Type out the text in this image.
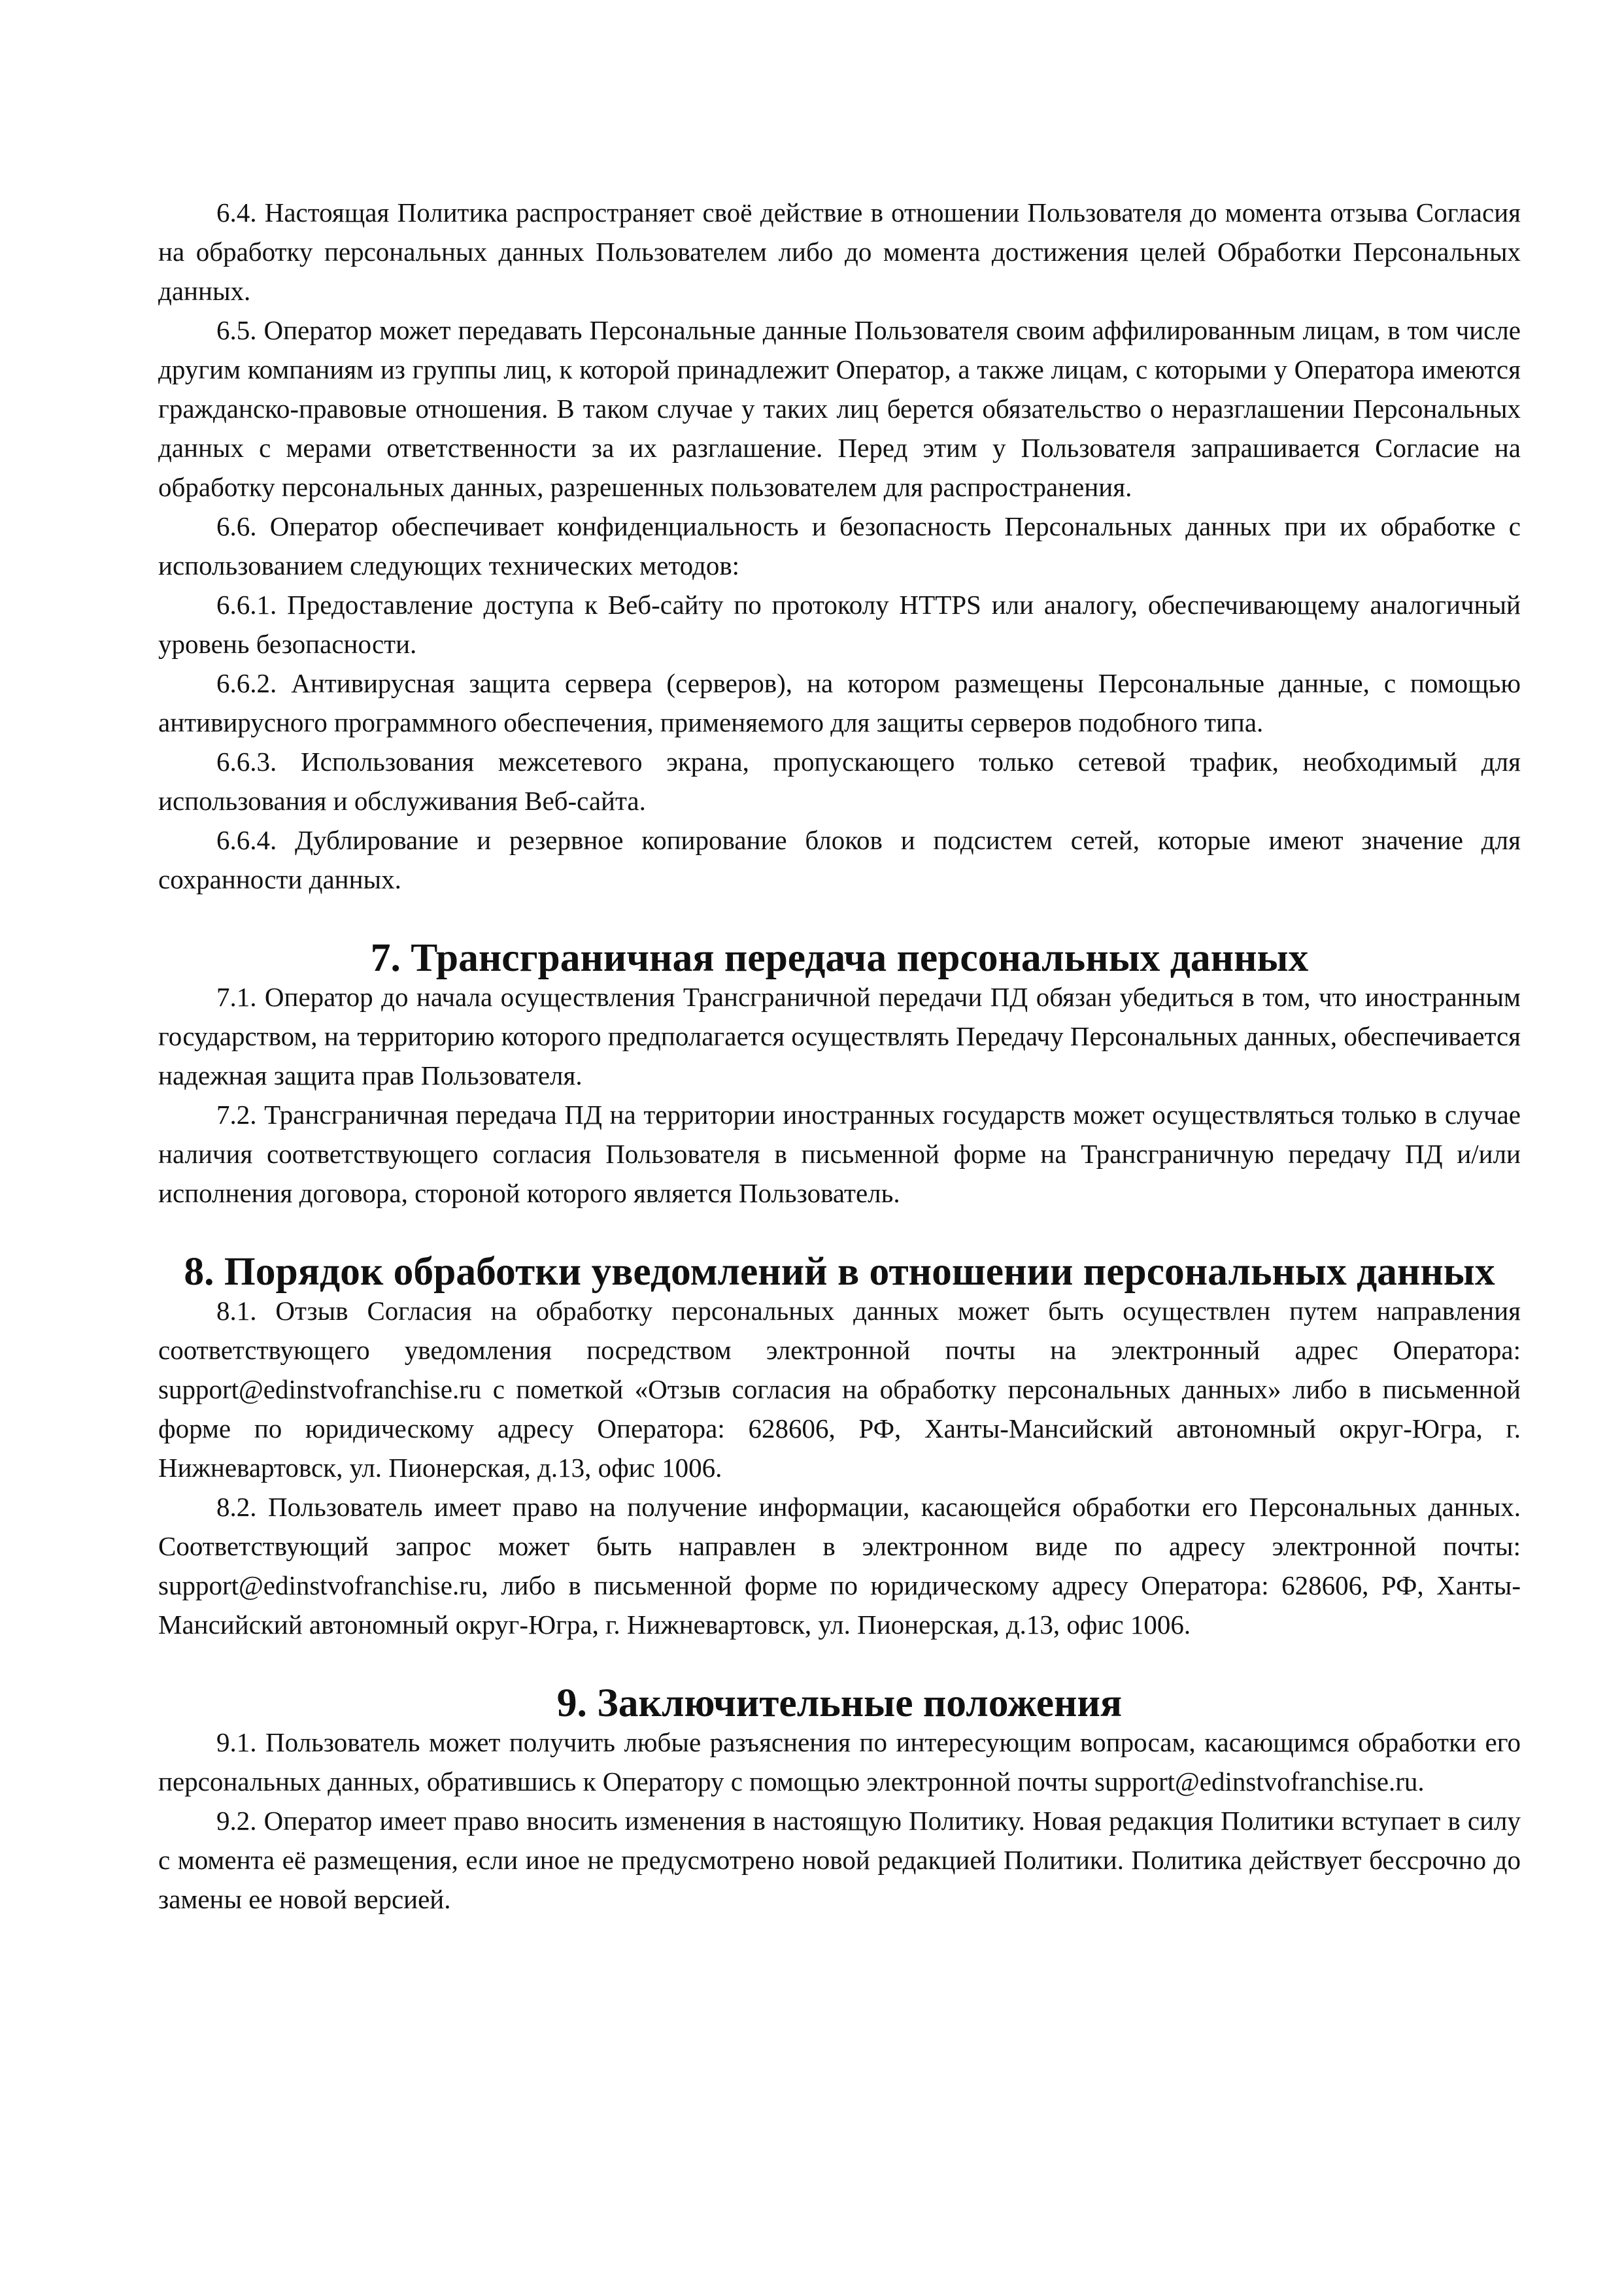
6.4. Настоящая Политика распространяет своё действие в отношении Пользователя до момента отзыва Согласия на обработку персональных данных Пользователем либо до момента достижения целей Обработки Персональных данных.

6.5. Оператор может передавать Персональные данные Пользователя своим аффилированным лицам, в том числе другим компаниям из группы лиц, к которой принадлежит Оператор, а также лицам, с которыми у Оператора имеются гражданско-правовые отношения. В таком случае у таких лиц берется обязательство о неразглашении Персональных данных с мерами ответственности за их разглашение. Перед этим у Пользователя запрашивается Согласие на обработку персональных данных, разрешенных пользователем для распространения.

6.6. Оператор обеспечивает конфиденциальность и безопасность Персональных данных при их обработке с использованием следующих технических методов:

6.6.1. Предоставление доступа к Веб-сайту по протоколу HTTPS или аналогу, обеспечивающему аналогичный уровень безопасности.

6.6.2. Антивирусная защита сервера (серверов), на котором размещены Персональные данные, с помощью антивирусного программного обеспечения, применяемого для защиты серверов подобного типа.

6.6.3. Использования межсетевого экрана, пропускающего только сетевой трафик, необходимый для использования и обслуживания Веб-сайта.

6.6.4. Дублирование и резервное копирование блоков и подсистем сетей, которые имеют значение для сохранности данных.

7. Трансграничная передача персональных данных

7.1. Оператор до начала осуществления Трансграничной передачи ПД обязан убедиться в том, что иностранным государством, на территорию которого предполагается осуществлять Передачу Персональных данных, обеспечивается надежная защита прав Пользователя.

7.2. Трансграничная передача ПД на территории иностранных государств может осуществляться только в случае наличия соответствующего согласия Пользователя в письменной форме на Трансграничную передачу ПД и/или исполнения договора, стороной которого является Пользователь.

8. Порядок обработки уведомлений в отношении персональных данных

8.1. Отзыв Согласия на обработку персональных данных может быть осуществлен путем направления соответствующего уведомления посредством электронной почты на электронный адрес Оператора: support@edinstvofranchise.ru с пометкой «Отзыв согласия на обработку персональных данных» либо в письменной форме по юридическому адресу Оператора: 628606, РФ, Ханты-Мансийский автономный округ-Югра, г. Нижневартовск, ул. Пионерская, д.13, офис 1006.

8.2. Пользователь имеет право на получение информации, касающейся обработки его Персональных данных. Соответствующий запрос может быть направлен в электронном виде по адресу электронной почты: support@edinstvofranchise.ru, либо в письменной форме по юридическому адресу Оператора: 628606, РФ, Ханты-Мансийский автономный округ-Югра, г. Нижневартовск, ул. Пионерская, д.13, офис 1006.

9. Заключительные положения

9.1. Пользователь может получить любые разъяснения по интересующим вопросам, касающимся обработки его персональных данных, обратившись к Оператору с помощью электронной почты support@edinstvofranchise.ru.

9.2. Оператор имеет право вносить изменения в настоящую Политику. Новая редакция Политики вступает в силу с момента её размещения, если иное не предусмотрено новой редакцией Политики. Политика действует бессрочно до замены ее новой версией.
